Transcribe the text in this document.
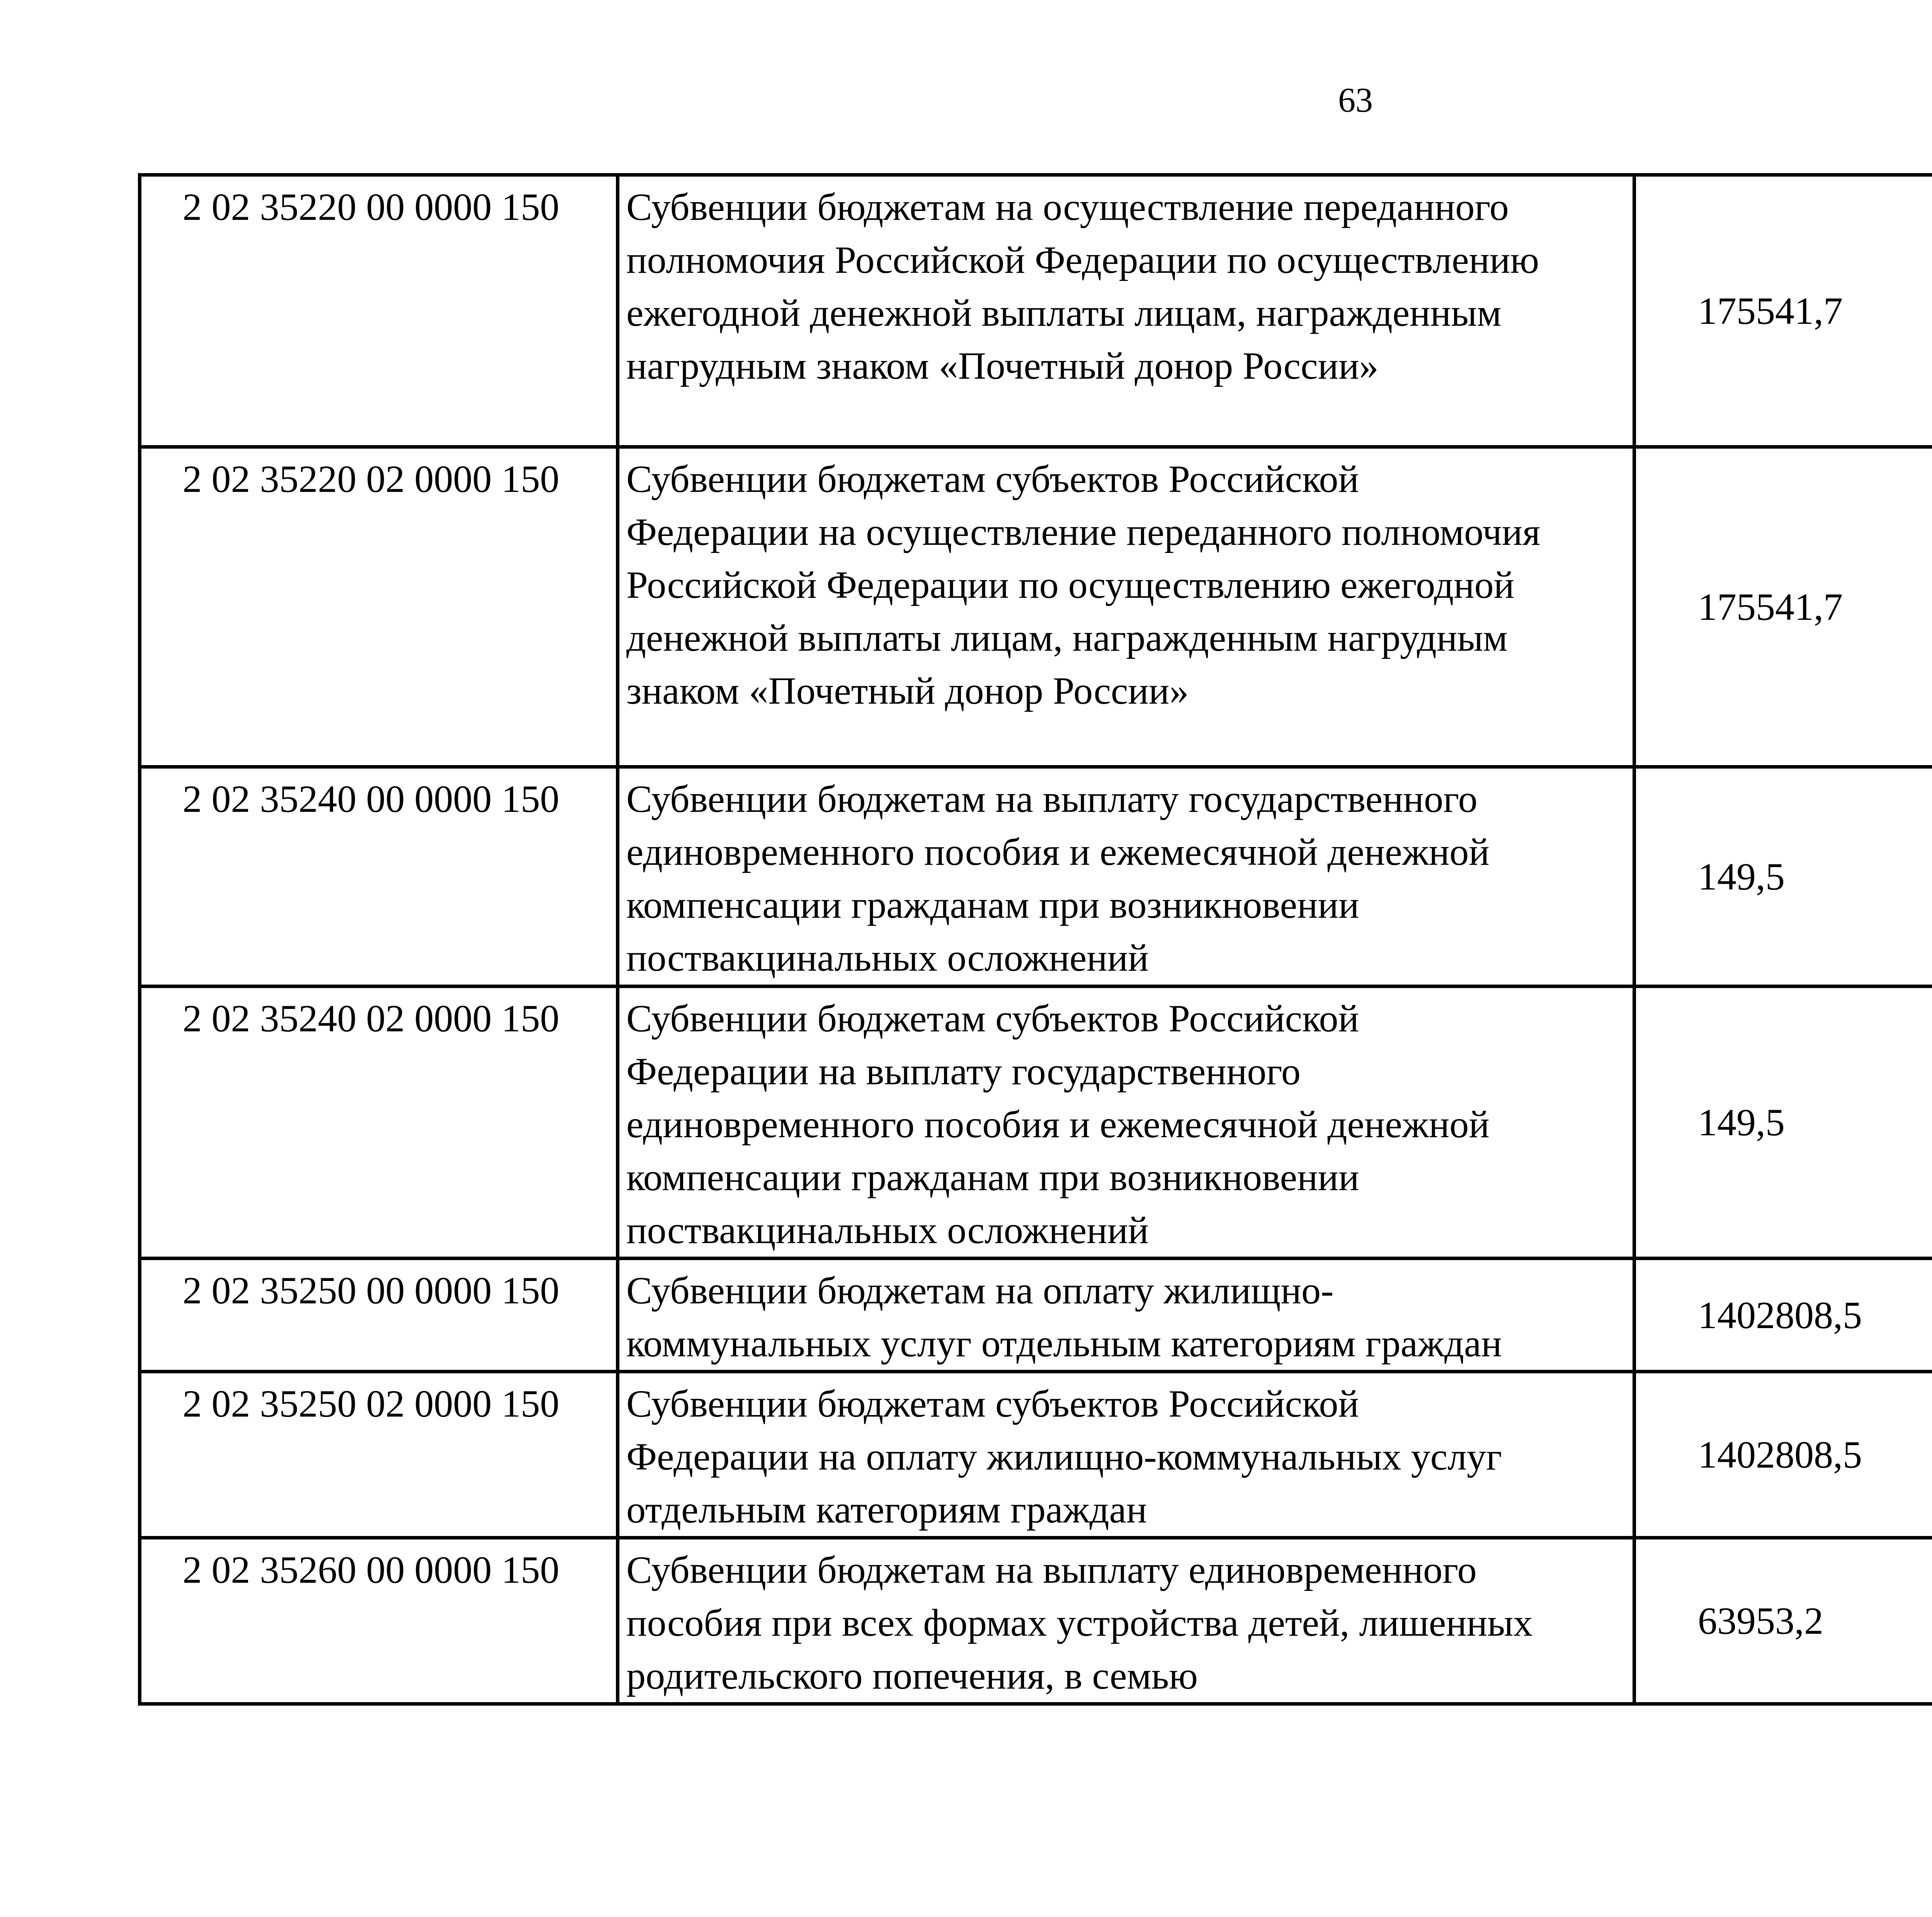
63
2 02 35220 00 0000 150	Субвенции бюджетам на осуществление переданного
полномочия Российской Федерации по осуществлению
ежегодной денежной выплаты лицам, награжденным
нагрудным знаком «Почетный донор России»	175541,7		
2 02 35220 02 0000 150	Субвенции бюджетам субъектов Российской
Федерации на осуществление переданного полномочия
Российской Федерации по осуществлению ежегодной
денежной выплаты лицам, награжденным нагрудным
знаком «Почетный донор России»	175541,7		
2 02 35240 00 0000 150	Субвенции бюджетам на выплату государственного
единовременного пособия и ежемесячной денежной
компенсации гражданам при возникновении
поствакцинальных осложнений	149,5		
2 02 35240 02 0000 150	Субвенции бюджетам субъектов Российской
Федерации на выплату государственного
единовременного пособия и ежемесячной денежной
компенсации гражданам при возникновении
поствакцинальных осложнений	149,5		
2 02 35250 00 0000 150	Субвенции бюджетам на оплату жилищно-
коммунальных услуг отдельным категориям граждан	1402808,5		
2 02 35250 02 0000 150	Субвенции бюджетам субъектов Российской
Федерации на оплату жилищно-коммунальных услуг
отдельным категориям граждан	1402808,5		
2 02 35260 00 0000 150	Субвенции бюджетам на выплату единовременного
пособия при всех формах устройства детей, лишенных
родительского попечения, в семью	63953,2		
